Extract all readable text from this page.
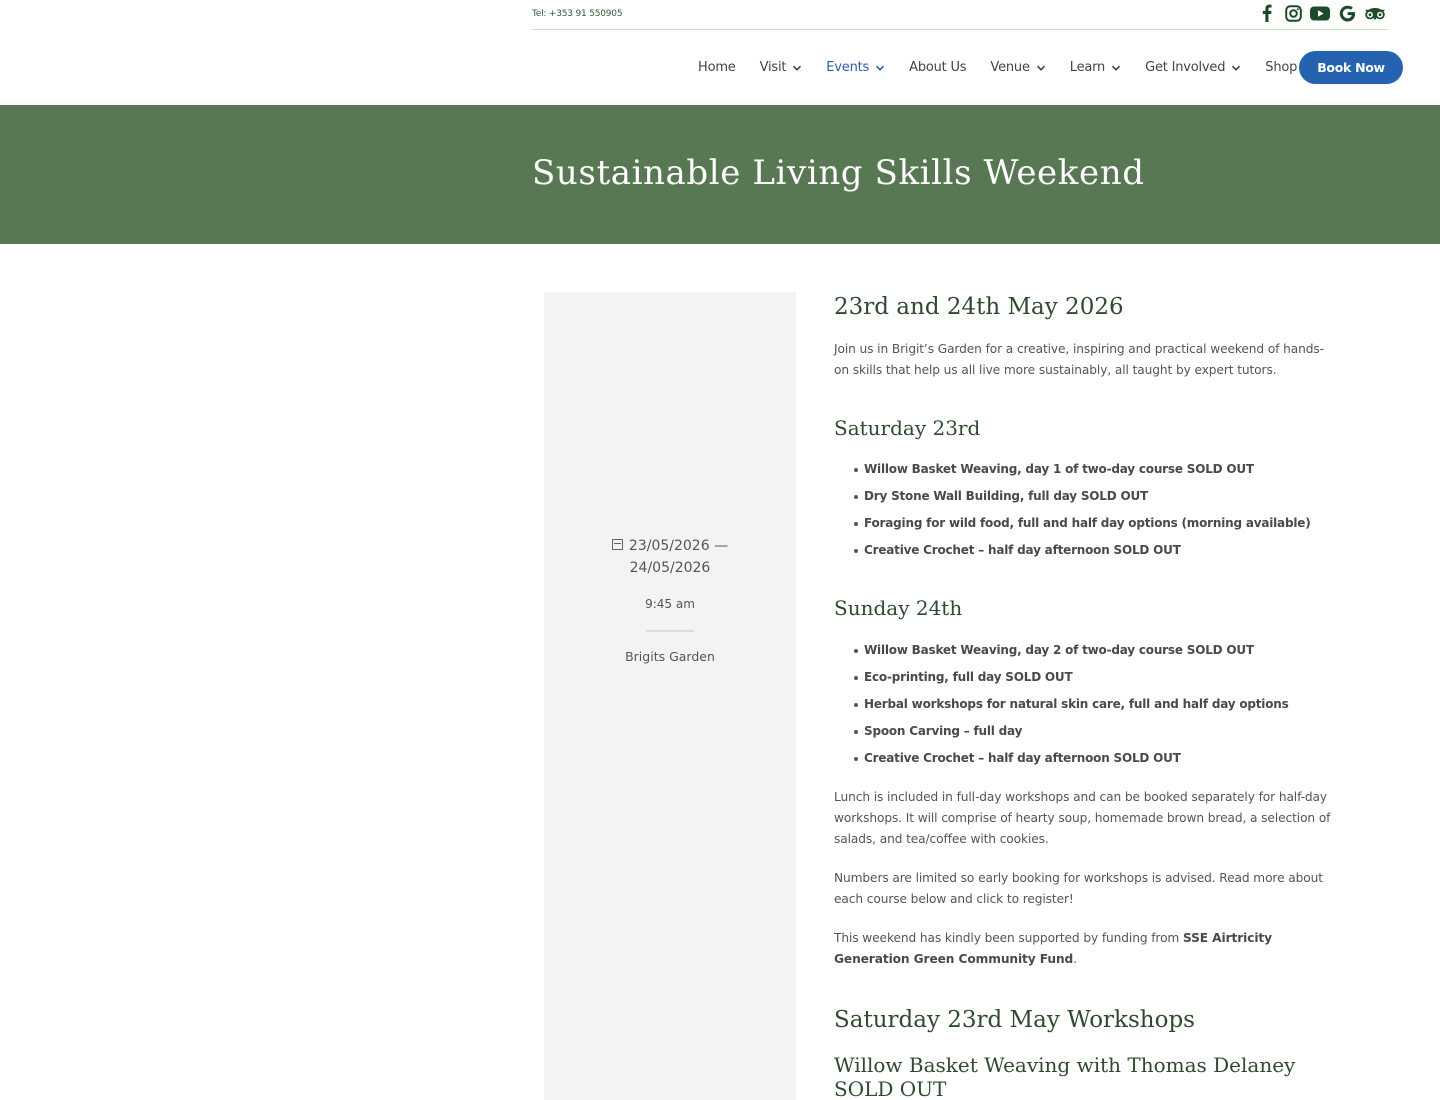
Tel: +353 91 550905
Home Visit	Events	About Us Venue	Learn	Get Involved	Shop	Book Now
Sustainable Living Skills Weekend
23/05/2026 —
24/05/2026
9:45 am
Brigits Garden
23rd and 24th May 2026

Join us in Brigit’s Garden for a creative, inspiring and practical weekend of hands-on skills that help us all live more sustainably, all taught by expert tutors.

Saturday 23rd
Willow Basket Weaving, day 1 of two-day course SOLD OUT
Dry Stone Wall Building, full day SOLD OUT
Foraging for wild food, full and half day options (morning available)
Creative Crochet – half day afternoon SOLD OUT
Sunday 24th
Willow Basket Weaving, day 2 of two-day course SOLD OUT
Eco-printing, full day SOLD OUT
Herbal workshops for natural skin care, full and half day options
Spoon Carving – full day
Creative Crochet – half day afternoon SOLD OUT

Lunch is included in full-day workshops and can be booked separately for half-day workshops. It will comprise of hearty soup, homemade brown bread, a selection of salads, and tea/coffee with cookies.

Numbers are limited so early booking for workshops is advised. Read more about each course below and click to register!

This weekend has kindly been supported by funding from SSE Airtricity Generation Green Community Fund.

Saturday 23rd May Workshops
Willow Basket Weaving with Thomas Delaney SOLD OUT
